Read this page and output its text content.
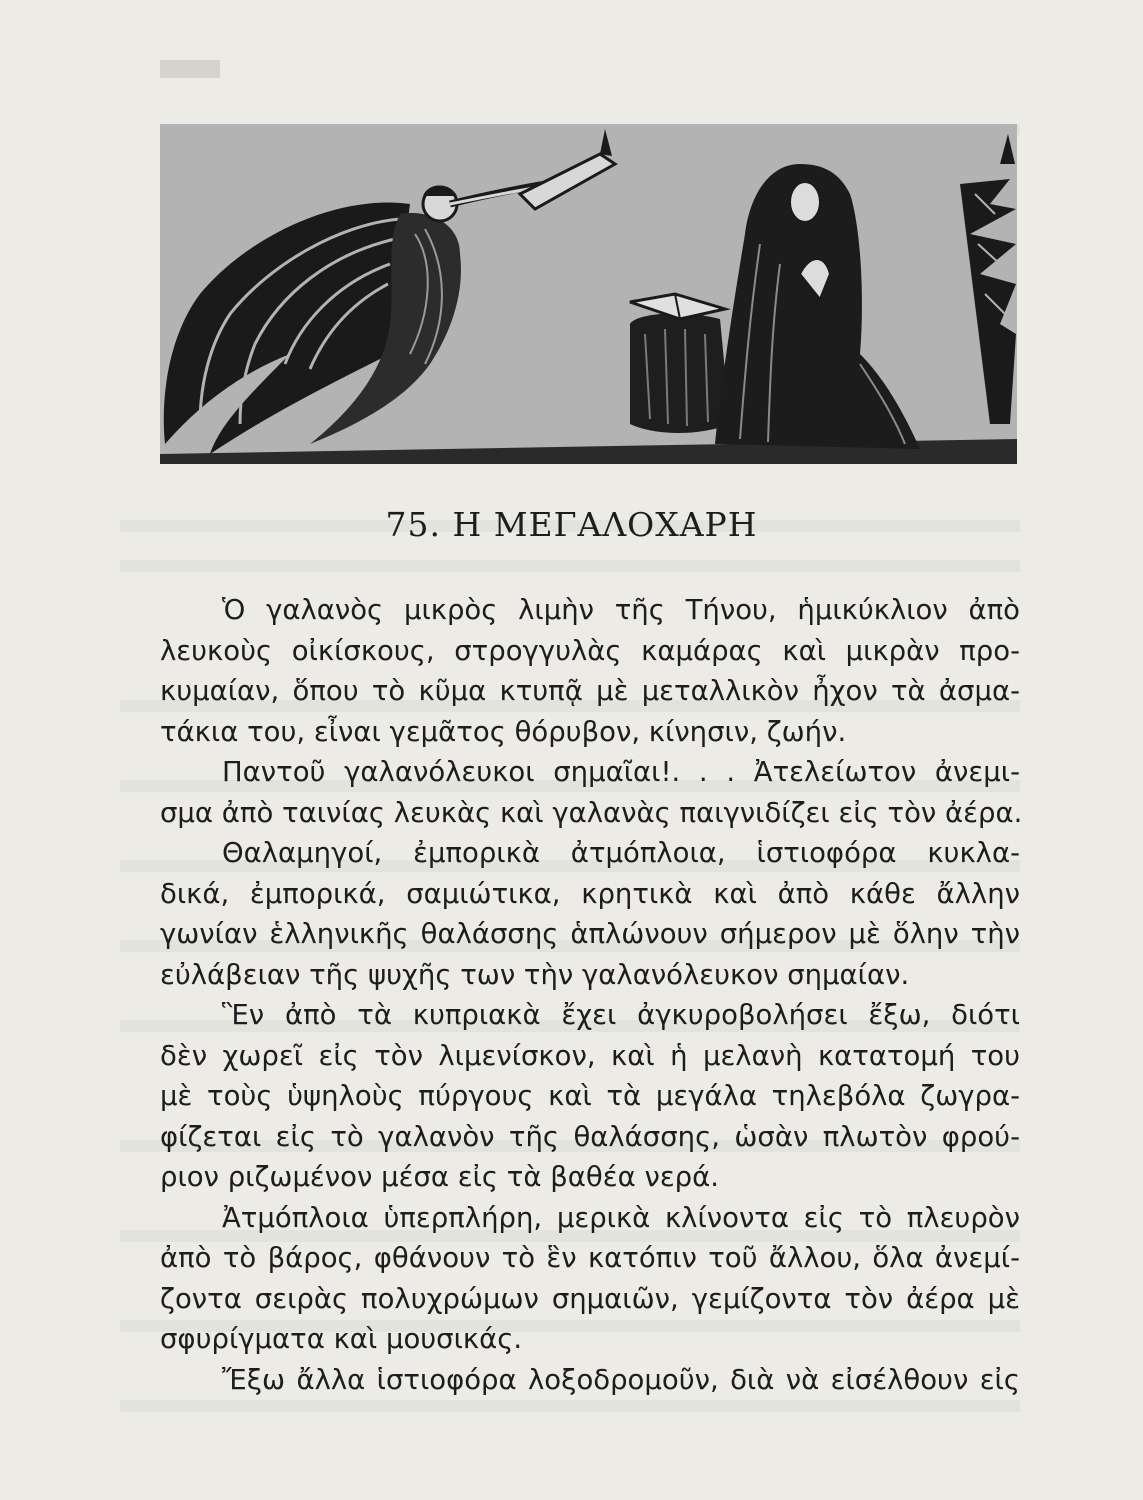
75. Η ΜΕΓΑΛΟΧΑΡΗ
Ὁ γαλανὸς μικρὸς λιμὴν τῆς Τήνου, ἡμικύκλιον ἀπὸ
λευκοὺς οἰκίσκους, στρογγυλὰς καμάρας καὶ μικρὰν προ-
κυμαίαν, ὅπου τὸ κῦμα κτυπᾷ μὲ μεταλλικὸν ἦχον τὰ ἀσμα-
τάκια του, εἶναι γεμᾶτος θόρυβον, κίνησιν, ζωήν.
Παντοῦ γαλανόλευκοι σημαῖαι!. . . Ἀτελείωτον ἀνεμι-
σμα ἀπὸ ταινίας λευκὰς καὶ γαλανὰς παιγνιδίζει εἰς τὸν ἀέρα.
Θαλαμηγοί, ἐμπορικὰ ἀτμόπλοια, ἱστιοφόρα κυκλα-
δικά, ἐμπορικά, σαμιώτικα, κρητικὰ καὶ ἀπὸ κάθε ἄλλην
γωνίαν ἑλληνικῆς θαλάσσης ἁπλώνουν σήμερον μὲ ὅλην τὴν
εὐλάβειαν τῆς ψυχῆς των τὴν γαλανόλευκον σημαίαν.
Ἓν ἀπὸ τὰ κυπριακὰ ἔχει ἀγκυροβολήσει ἔξω, διότι
δὲν χωρεῖ εἰς τὸν λιμενίσκον, καὶ ἡ μελανὴ κατατομή του
μὲ τοὺς ὑψηλοὺς πύργους καὶ τὰ μεγάλα τηλεβόλα ζωγρα-
φίζεται εἰς τὸ γαλανὸν τῆς θαλάσσης, ὡσὰν πλωτὸν φρού-
ριον ριζωμένον μέσα εἰς τὰ βαθέα νερά.
Ἀτμόπλοια ὑπερπλήρη, μερικὰ κλίνοντα εἰς τὸ πλευρὸν
ἀπὸ τὸ βάρος, φθάνουν τὸ ἓν κατόπιν τοῦ ἄλλου, ὅλα ἀνεμί-
ζοντα σειρὰς πολυχρώμων σημαιῶν, γεμίζοντα τὸν ἀέρα μὲ
σφυρίγματα καὶ μουσικάς.
Ἔξω ἄλλα ἱστιοφόρα λοξοδρομοῦν, διὰ νὰ εἰσέλθουν εἰς
